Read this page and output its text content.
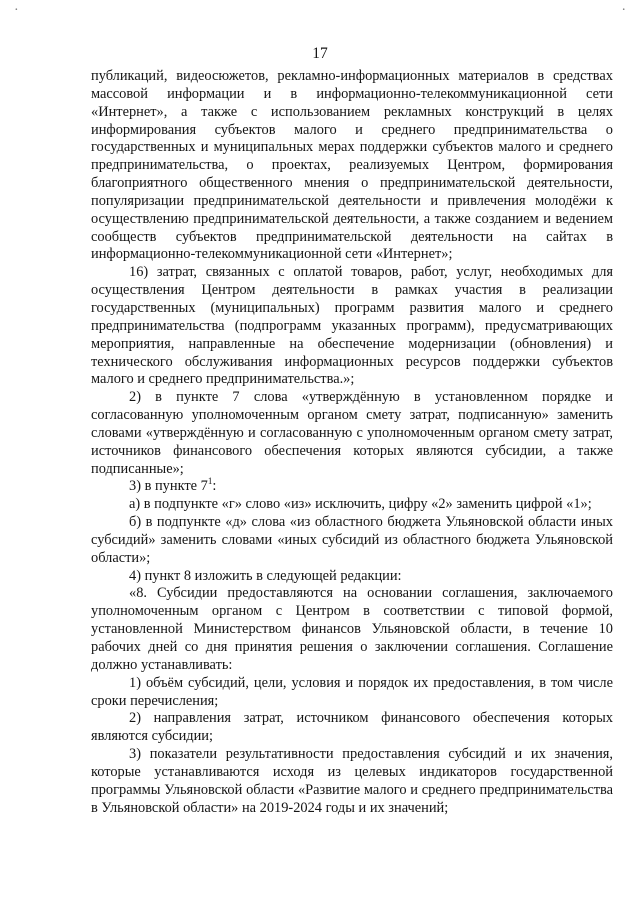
·	·
17

публикаций, видеосюжетов, рекламно-информационных материалов в средствах массовой информации и в информационно-телекоммуникационной сети «Интернет», а также с использованием рекламных конструкций в целях информирования субъектов малого и среднего предпринимательства о государственных и муниципальных мерах поддержки субъектов малого и среднего предпринимательства, о проектах, реализуемых Центром, формирования благоприятного общественного мнения о предпринимательской деятельности, популяризации предпринимательской деятельности и привлечения молодёжи к осуществлению предпринимательской деятельности, а также созданием и ведением сообществ субъектов предпринимательской деятельности на сайтах в информационно-телекоммуникационной сети «Интернет»;

16) затрат, связанных с оплатой товаров, работ, услуг, необходимых для осуществления Центром деятельности в рамках участия в реализации государственных (муниципальных) программ развития малого и среднего предпринимательства (подпрограмм указанных программ), предусматривающих мероприятия, направленные на обеспечение модернизации (обновления) и технического обслуживания информационных ресурсов поддержки субъектов малого и среднего предпринимательства.»;

2) в пункте 7 слова «утверждённую в установленном порядке и согласованную уполномоченным органом смету затрат, подписанную» заменить словами «утверждённую и согласованную с уполномоченным органом смету затрат, источников финансового обеспечения которых являются субсидии, а также подписанные»;

3) в пункте $7^1$:

а) в подпункте «г» слово «из» исключить, цифру «2» заменить цифрой «1»;

б) в подпункте «д» слова «из областного бюджета Ульяновской области иных субсидий» заменить словами «иных субсидий из областного бюджета Ульяновской области»;

4) пункт 8 изложить в следующей редакции:

«8. Субсидии предоставляются на основании соглашения, заключаемого уполномоченным органом с Центром в соответствии с типовой формой, установленной Министерством финансов Ульяновской области, в течение 10 рабочих дней со дня принятия решения о заключении соглашения. Соглашение должно устанавливать:

1) объём субсидий, цели, условия и порядок их предоставления, в том числе сроки перечисления;

2) направления затрат, источником финансового обеспечения которых являются субсидии;

3) показатели результативности предоставления субсидий и их значения, которые устанавливаются исходя из целевых индикаторов государственной программы Ульяновской области «Развитие малого и среднего предпринимательства в Ульяновской области» на 2019-2024 годы и их значений;
